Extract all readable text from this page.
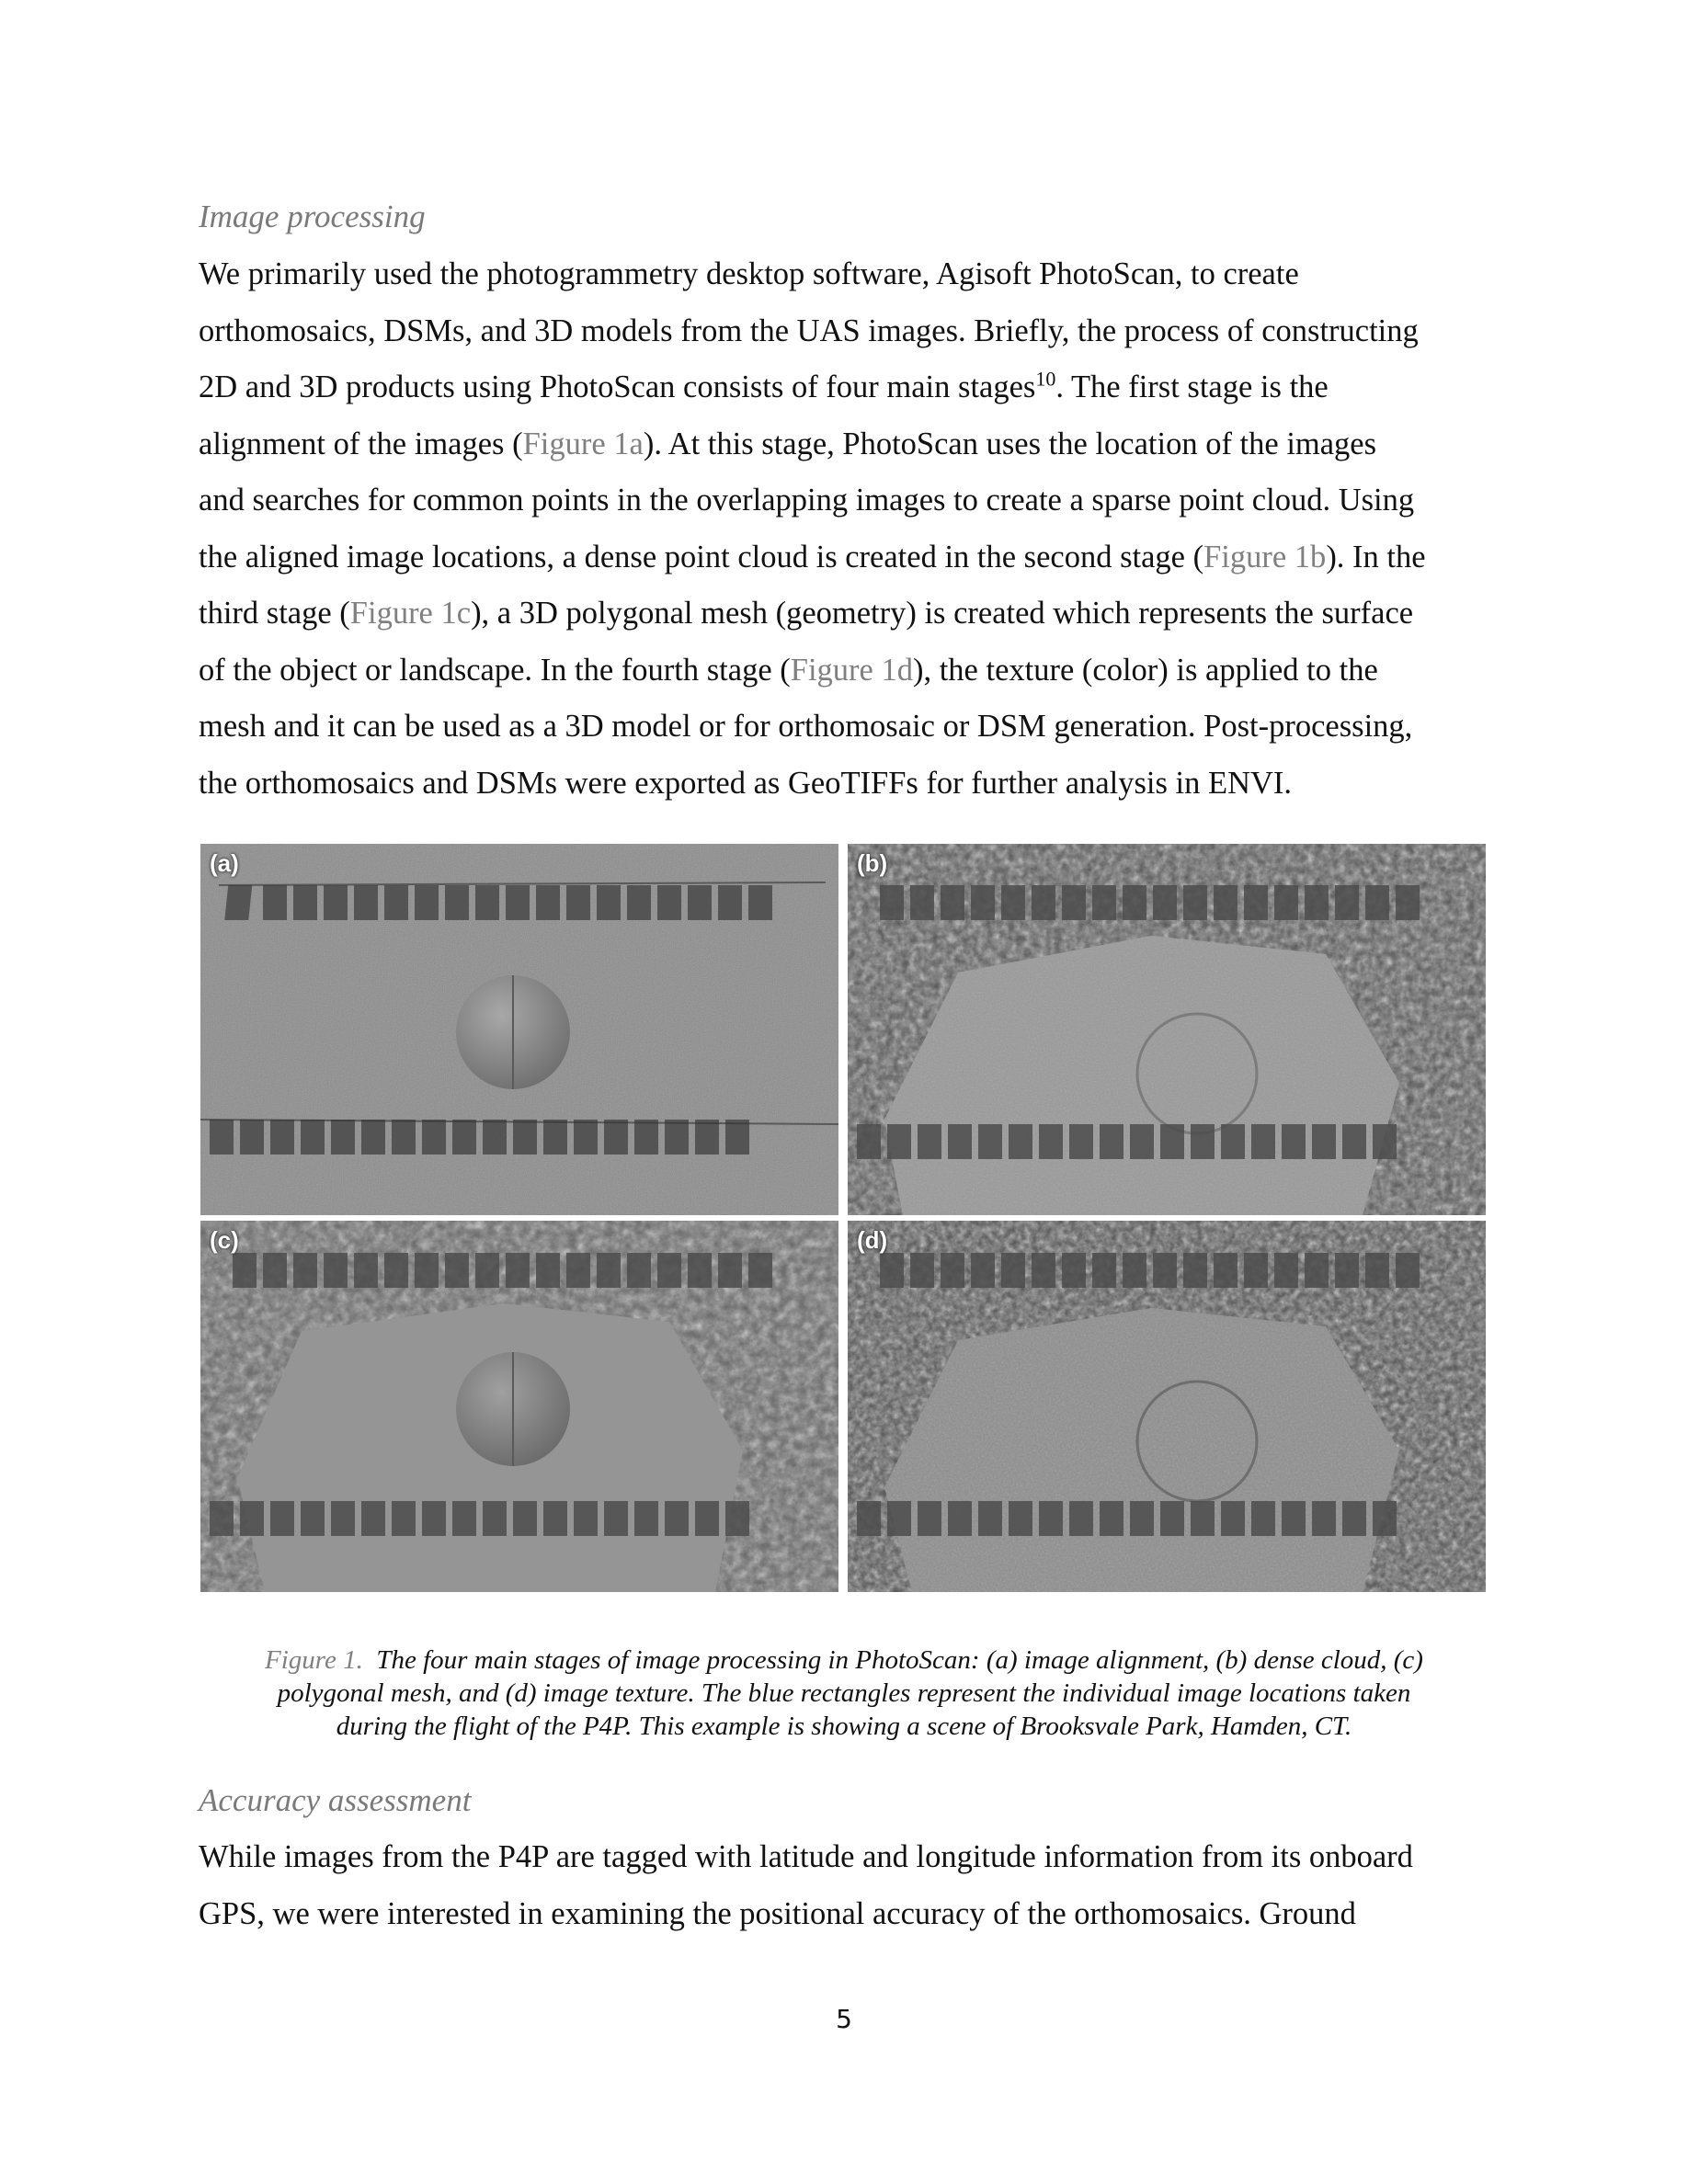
Image processing

We primarily used the photogrammetry desktop software, Agisoft PhotoScan, to create
orthomosaics, DSMs, and 3D models from the UAS images. Briefly, the process of constructing
2D and 3D products using PhotoScan consists of four main stages$^{10}$. The first stage is the
alignment of the images (Figure 1a). At this stage, PhotoScan uses the location of the images
and searches for common points in the overlapping images to create a sparse point cloud. Using
the aligned image locations, a dense point cloud is created in the second stage (Figure 1b). In the
third stage (Figure 1c), a 3D polygonal mesh (geometry) is created which represents the surface
of the object or landscape. In the fourth stage (Figure 1d), the texture (color) is applied to the
mesh and it can be used as a 3D model or for orthomosaic or DSM generation. Post-processing,
the orthomosaics and DSMs were exported as GeoTIFFs for further analysis in ENVI.

(a)	(b)
(c)	(d)

Figure 1. The four main stages of image processing in PhotoScan: (a) image alignment, (b) dense cloud, (c)
polygonal mesh, and (d) image texture. The blue rectangles represent the individual image locations taken
during the flight of the P4P. This example is showing a scene of Brooksvale Park, Hamden, CT.

Accuracy assessment

While images from the P4P are tagged with latitude and longitude information from its onboard
GPS, we were interested in examining the positional accuracy of the orthomosaics. Ground

5
